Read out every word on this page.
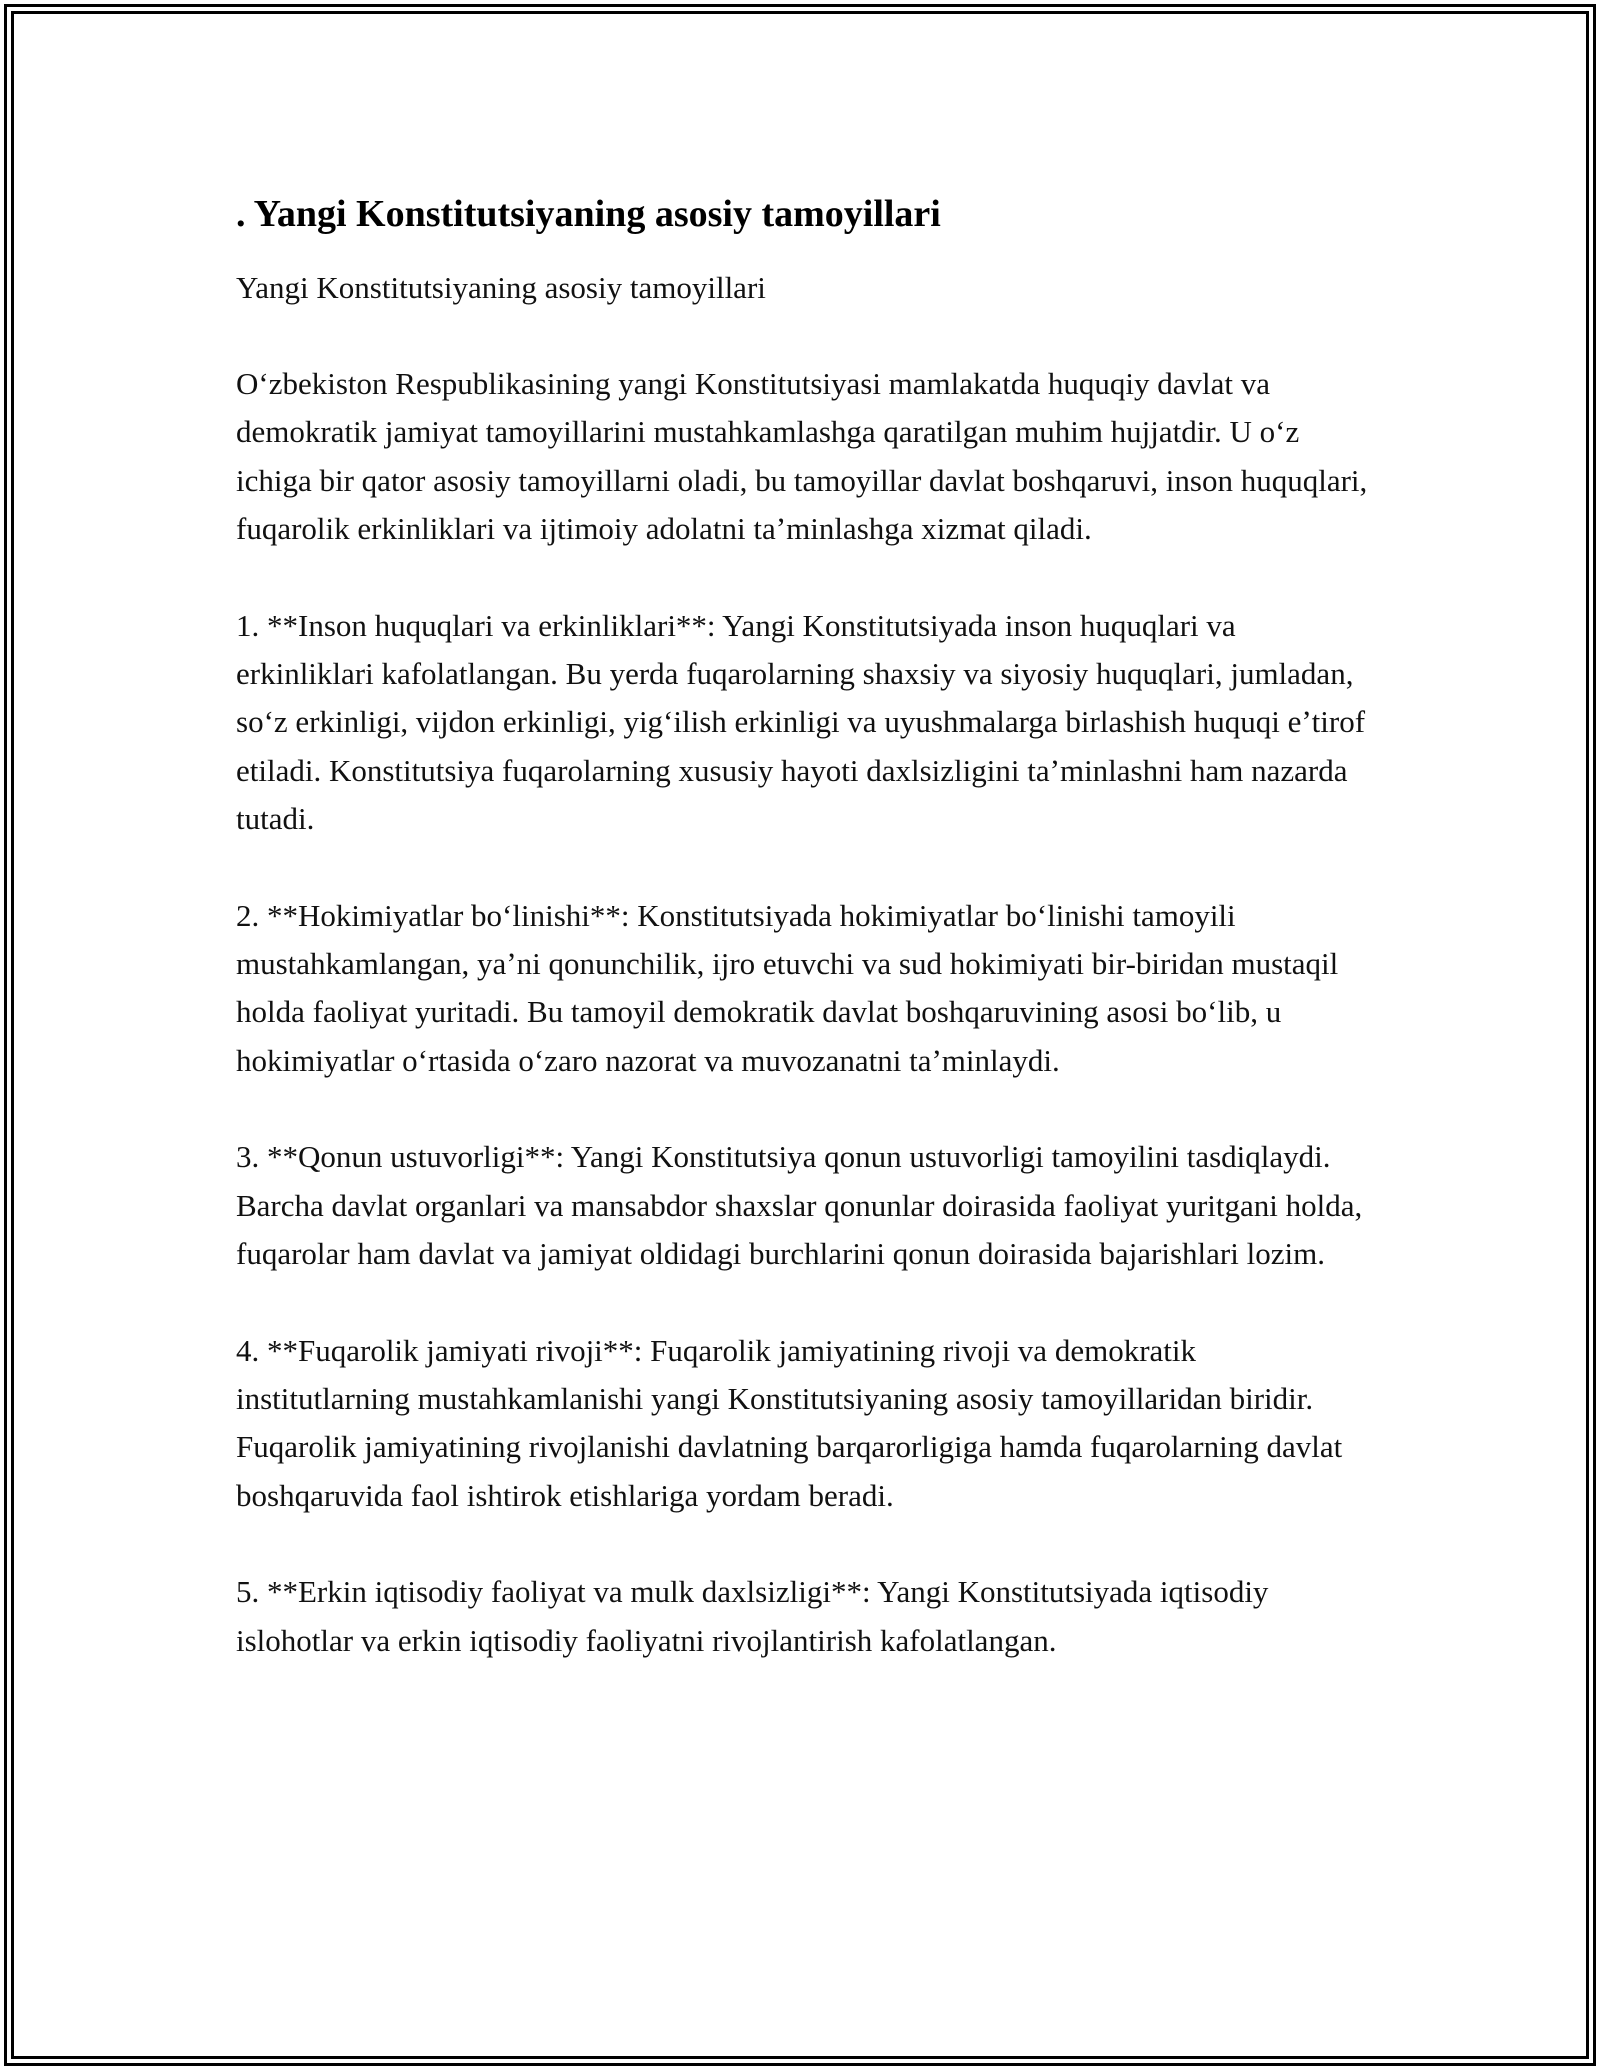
. Yangi Konstitutsiyaning asosiy tamoyillari

Yangi Konstitutsiyaning asosiy tamoyillari

Oʻzbekiston Respublikasining yangi Konstitutsiyasi mamlakatda huquqiy davlat va demokratik jamiyat tamoyillarini mustahkamlashga qaratilgan muhim hujjatdir. U oʻz ichiga bir qator asosiy tamoyillarni oladi, bu tamoyillar davlat boshqaruvi, inson huquqlari, fuqarolik erkinliklari va ijtimoiy adolatni taʼminlashga xizmat qiladi.

1. **Inson huquqlari va erkinliklari**: Yangi Konstitutsiyada inson huquqlari va erkinliklari kafolatlangan. Bu yerda fuqarolarning shaxsiy va siyosiy huquqlari, jumladan, soʻz erkinligi, vijdon erkinligi, yigʻilish erkinligi va uyushmalarga birlashish huquqi eʼtirof etiladi. Konstitutsiya fuqarolarning xususiy hayoti daxlsizligini taʼminlashni ham nazarda tutadi.

2. **Hokimiyatlar boʻlinishi**: Konstitutsiyada hokimiyatlar boʻlinishi tamoyili mustahkamlangan, yaʼni qonunchilik, ijro etuvchi va sud hokimiyati bir-biridan mustaqil holda faoliyat yuritadi. Bu tamoyil demokratik davlat boshqaruvining asosi boʻlib, u hokimiyatlar oʻrtasida oʻzaro nazorat va muvozanatni taʼminlaydi.

3. **Qonun ustuvorligi**: Yangi Konstitutsiya qonun ustuvorligi tamoyilini tasdiqlaydi. Barcha davlat organlari va mansabdor shaxslar qonunlar doirasida faoliyat yuritgani holda, fuqarolar ham davlat va jamiyat oldidagi burchlarini qonun doirasida bajarishlari lozim.

4. **Fuqarolik jamiyati rivoji**: Fuqarolik jamiyatining rivoji va demokratik institutlarning mustahkamlanishi yangi Konstitutsiyaning asosiy tamoyillaridan biridir. Fuqarolik jamiyatining rivojlanishi davlatning barqarorligiga hamda fuqarolarning davlat boshqaruvida faol ishtirok etishlariga yordam beradi.

5. **Erkin iqtisodiy faoliyat va mulk daxlsizligi**: Yangi Konstitutsiyada iqtisodiy islohotlar va erkin iqtisodiy faoliyatni rivojlantirish kafolatlangan.
